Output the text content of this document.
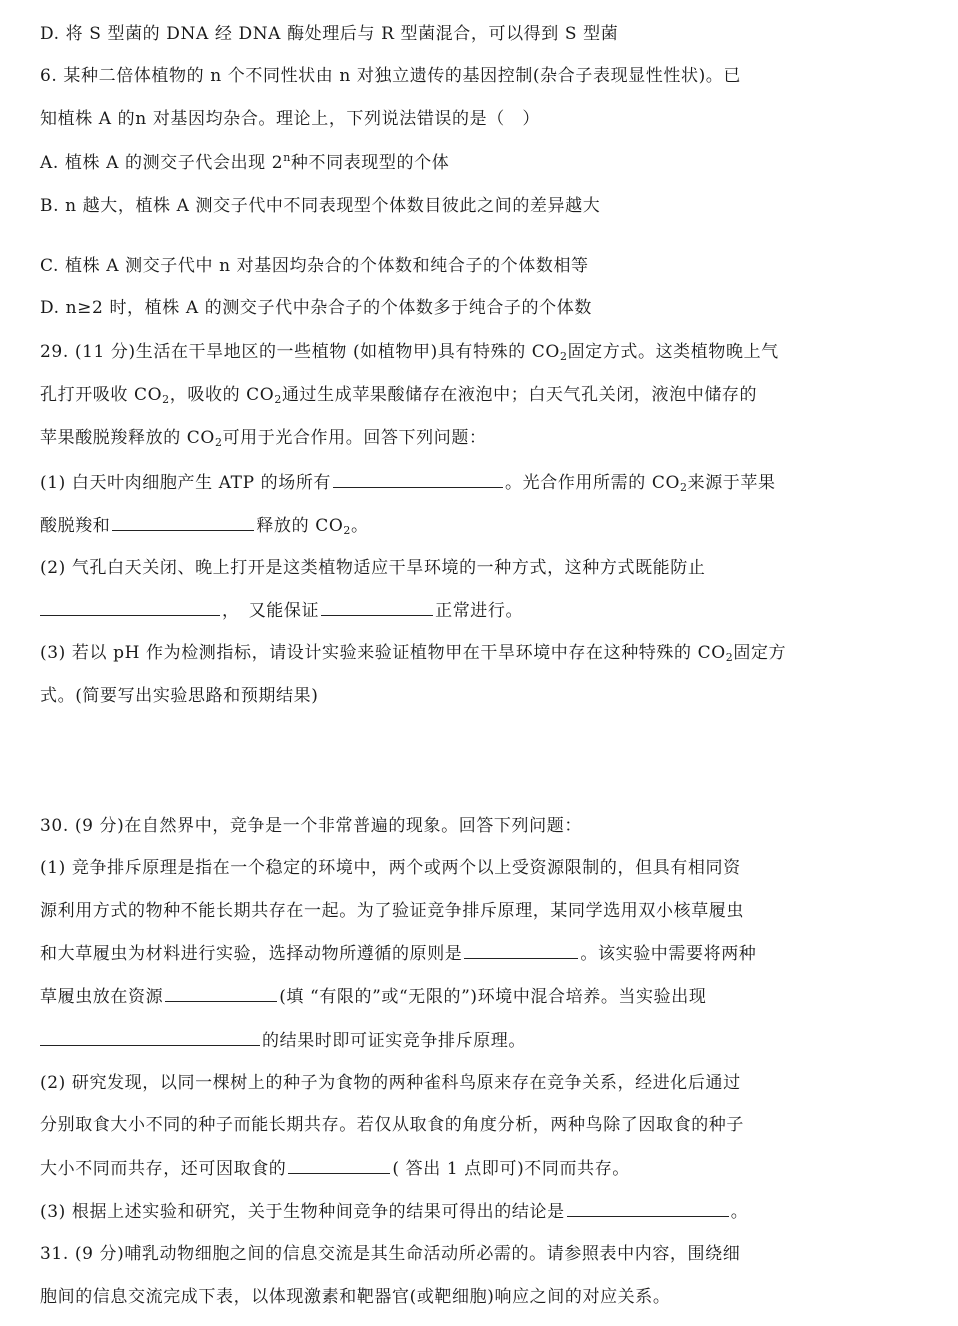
D. 将 S 型菌的 DNA 经 DNA 酶处理后与 R 型菌混合，可以得到 S 型菌
6. 某种二倍体植物的 n 个不同性状由 n 对独立遗传的基因控制(杂合子表现显性性状)。已
知植株 A 的n 对基因均杂合。理论上，下列说法错误的是（　）
A. 植株 A 的测交子代会出现 2$^n$种不同表现型的个体
B. n 越大，植株 A 测交子代中不同表现型个体数目彼此之间的差异越大
C. 植株 A 测交子代中 n 对基因均杂合的个体数和纯合子的个体数相等
D. n≥2 时，植株 A 的测交子代中杂合子的个体数多于纯合子的个体数
29. (11 分)生活在干旱地区的一些植物 (如植物甲)具有特殊的 $CO_2$固定方式。这类植物晚上气
孔打开吸收 $CO_2$，吸收的 $CO_2$通过生成苹果酸储存在液泡中；白天气孔关闭，液泡中储存的
苹果酸脱羧释放的 $CO_2$可用于光合作用。回答下列问题：
(1) 白天叶肉细胞产生 ATP 的场所有	。光合作用所需的 $CO_2$来源于苹果
酸脱羧和	释放的 $CO_2$。
(2) 气孔白天关闭、晚上打开是这类植物适应干旱环境的一种方式，这种方式既能防止
，　又能保证	正常进行。
(3) 若以 pH 作为检测指标，请设计实验来验证植物甲在干旱环境中存在这种特殊的 $CO_2$固定方
式。(简要写出实验思路和预期结果)
30. (9 分)在自然界中，竞争是一个非常普遍的现象。回答下列问题：
(1) 竞争排斥原理是指在一个稳定的环境中，两个或两个以上受资源限制的，但具有相同资
源利用方式的物种不能长期共存在一起。为了验证竞争排斥原理，某同学选用双小核草履虫
和大草履虫为材料进行实验，选择动物所遵循的原则是	。该实验中需要将两种
草履虫放在资源	(填 “有限的”或“无限的”)环境中混合培养。当实验出现
的结果时即可证实竞争排斥原理。
(2) 研究发现，以同一棵树上的种子为食物的两种雀科鸟原来存在竞争关系，经进化后通过
分别取食大小不同的种子而能长期共存。若仅从取食的角度分析，两种鸟除了因取食的种子
大小不同而共存，还可因取食的	( 答出 1 点即可)不同而共存。
(3) 根据上述实验和研究，关于生物种间竞争的结果可得出的结论是	。
31. (9 分)哺乳动物细胞之间的信息交流是其生命活动所必需的。请参照表中内容，围绕细
胞间的信息交流完成下表，以体现激素和靶器官(或靶细胞)响应之间的对应关系。
